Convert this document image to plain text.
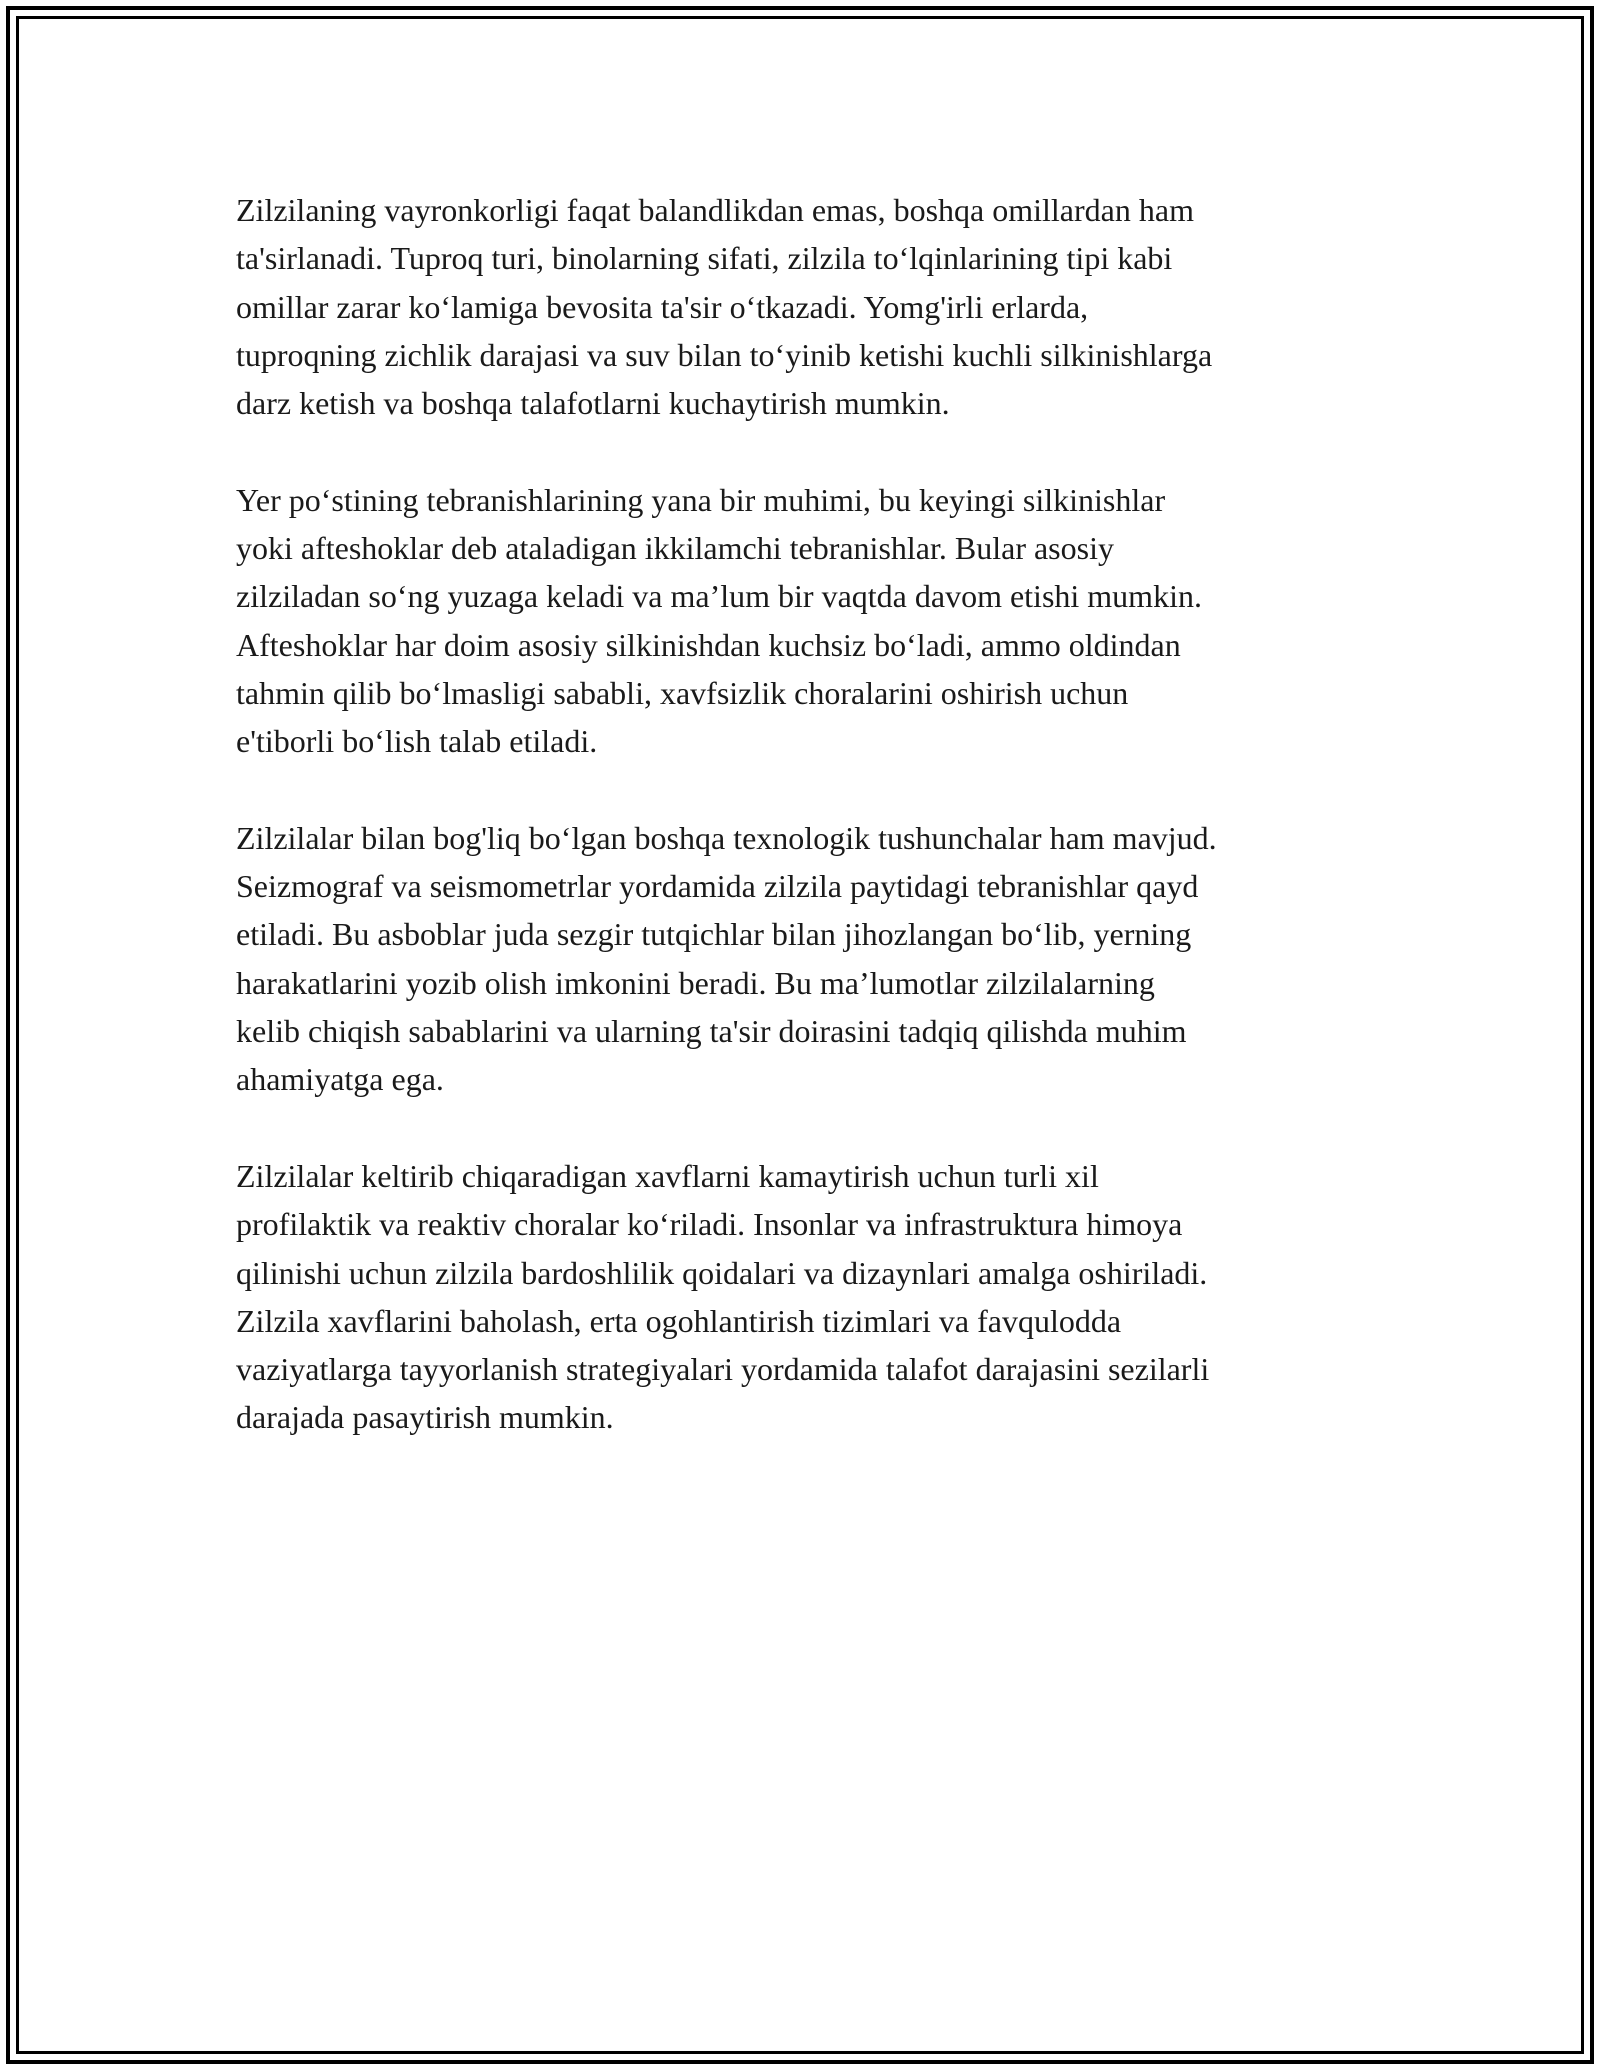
Zilzilaning vayronkorligi faqat balandlikdan emas, boshqa omillardan ham
ta'sirlanadi. Tuproq turi, binolarning sifati, zilzila to‘lqinlarining tipi kabi
omillar zarar ko‘lamiga bevosita ta'sir o‘tkazadi. Yomg'irli erlarda,
tuproqning zichlik darajasi va suv bilan to‘yinib ketishi kuchli silkinishlarga
darz ketish va boshqa talafotlarni kuchaytirish mumkin.

Yer po‘stining tebranishlarining yana bir muhimi, bu keyingi silkinishlar
yoki afteshoklar deb ataladigan ikkilamchi tebranishlar. Bular asosiy
zilziladan so‘ng yuzaga keladi va ma’lum bir vaqtda davom etishi mumkin.
Afteshoklar har doim asosiy silkinishdan kuchsiz bo‘ladi, ammo oldindan
tahmin qilib bo‘lmasligi sababli, xavfsizlik choralarini oshirish uchun
e'tiborli bo‘lish talab etiladi.

Zilzilalar bilan bog'liq bo‘lgan boshqa texnologik tushunchalar ham mavjud.
Seizmograf va seismometrlar yordamida zilzila paytidagi tebranishlar qayd
etiladi. Bu asboblar juda sezgir tutqichlar bilan jihozlangan bo‘lib, yerning
harakatlarini yozib olish imkonini beradi. Bu ma’lumotlar zilzilalarning
kelib chiqish sabablarini va ularning ta'sir doirasini tadqiq qilishda muhim
ahamiyatga ega.

Zilzilalar keltirib chiqaradigan xavflarni kamaytirish uchun turli xil
profilaktik va reaktiv choralar ko‘riladi. Insonlar va infrastruktura himoya
qilinishi uchun zilzila bardoshlilik qoidalari va dizaynlari amalga oshiriladi.
Zilzila xavflarini baholash, erta ogohlantirish tizimlari va favqulodda
vaziyatlarga tayyorlanish strategiyalari yordamida talafot darajasini sezilarli
darajada pasaytirish mumkin.
